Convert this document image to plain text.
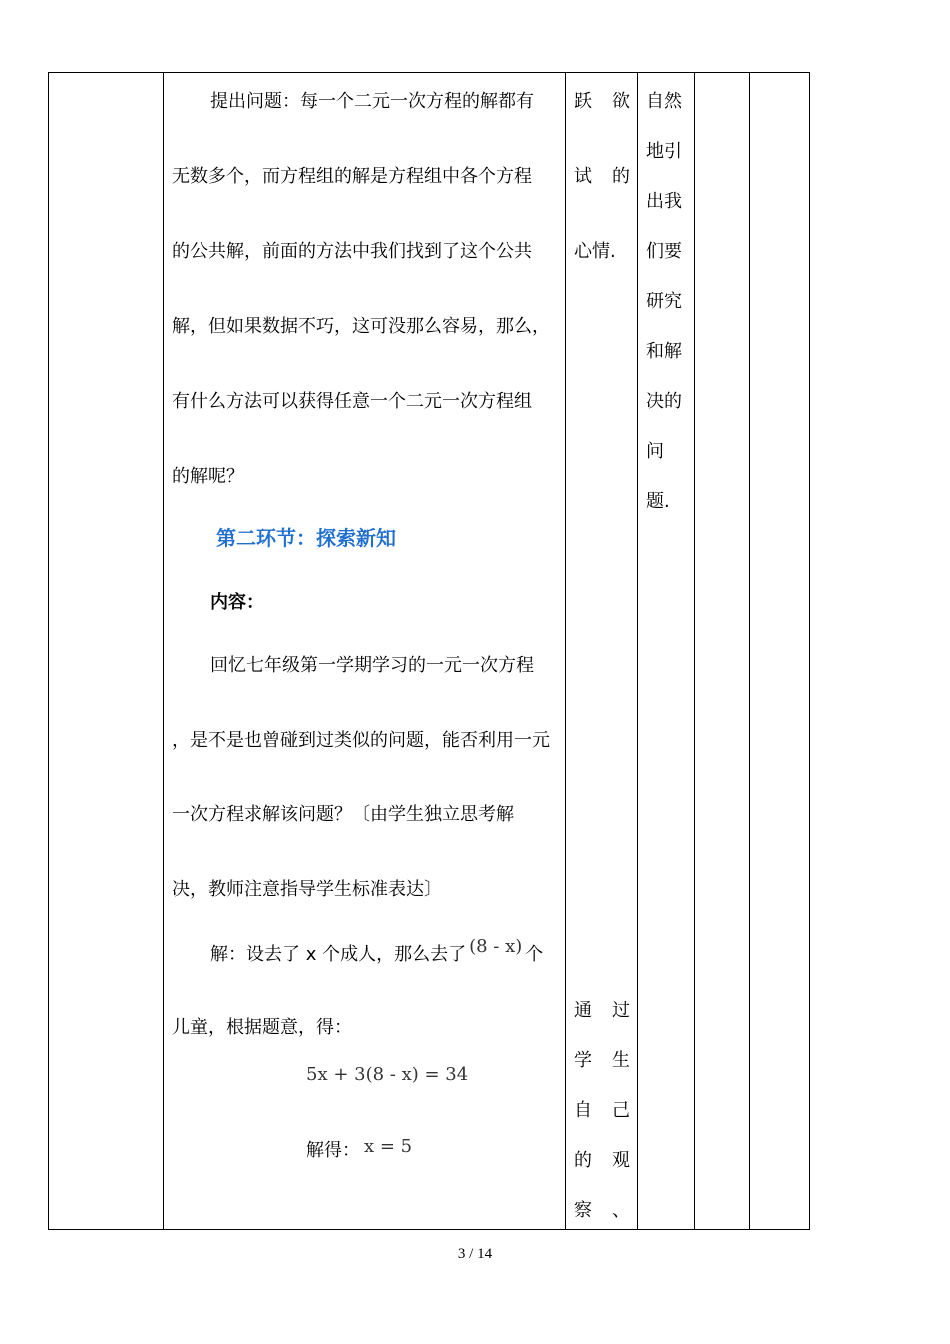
提出问题：每一个二元一次方程的解都有
无数多个，而方程组的解是方程组中各个方程
的公共解，前面的方法中我们找到了这个公共
解，但如果数据不巧，这可没那么容易，那么，
有什么方法可以获得任意一个二元一次方程组
的解呢？
第二环节：探索新知
内容：
回忆七年级第一学期学习的一元一次方程
，是不是也曾碰到过类似的问题，能否利用一元
一次方程求解该问题？〔由学生独立思考解
决，教师注意指导学生标准表达〕
解：设去了 x 个成人，那么去了 (8 - x) 个
儿童，根据题意，得：
5x + 3(8 - x) = 34
解得： x = 5
跃　欲
试　的
心情.
通　过
学　生
自　己
的　观
察　、
自然
地引
出我
们要
研究
和解
决的
问
题.
3 / 14
